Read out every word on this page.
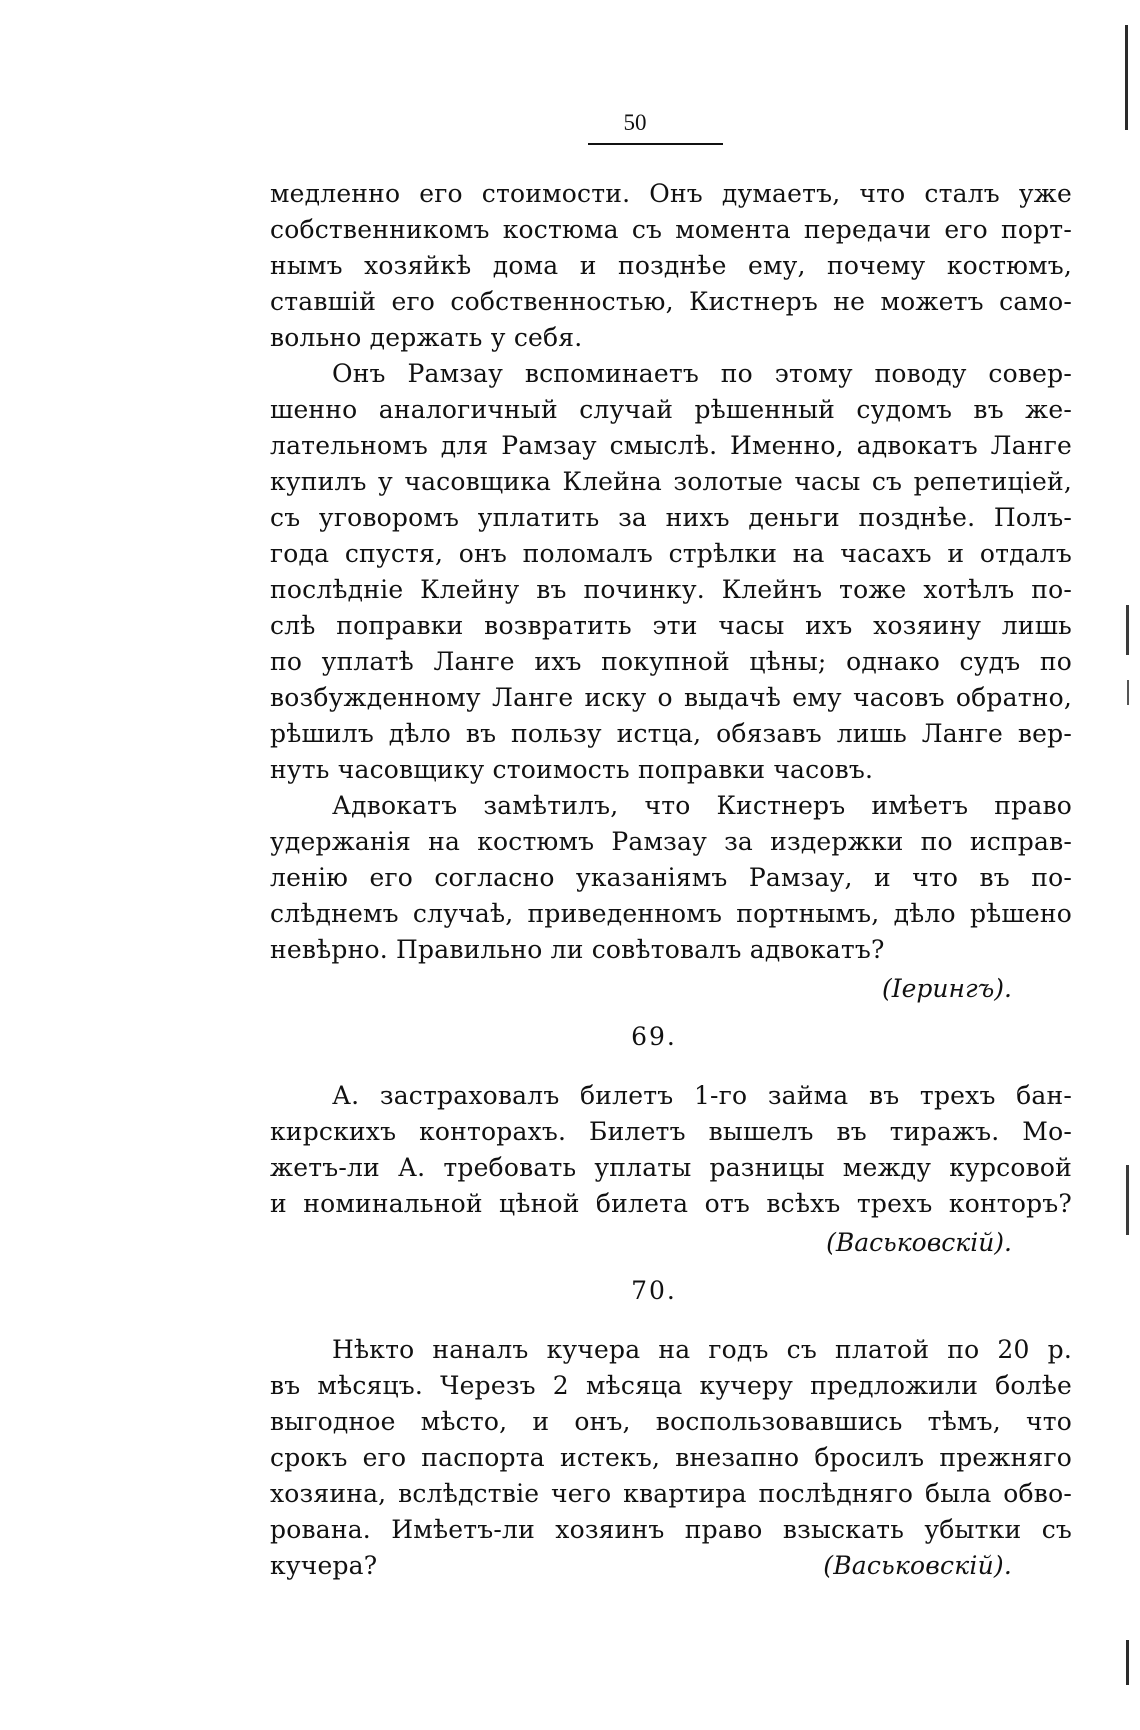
50
медленно его стоимости. Онъ думаетъ, что сталъ уже
собственникомъ костюма съ момента передачи его порт-
нымъ хозяйкѣ дома и позднѣе ему, почему костюмъ,
ставшій его собственностью, Кистнеръ не можетъ само-
вольно держать у себя.
Онъ Рамзау вспоминаетъ по этому поводу совер-
шенно аналогичный случай рѣшенный судомъ въ же-
лательномъ для Рамзау смыслѣ. Именно, адвокатъ Ланге
купилъ у часовщика Клейна золотые часы съ репетиціей,
съ уговоромъ уплатить за нихъ деньги позднѣе. Полъ-
года спустя, онъ поломалъ стрѣлки на часахъ и отдалъ
послѣдніе Клейну въ починку. Клейнъ тоже хотѣлъ по-
слѣ поправки возвратить эти часы ихъ хозяину лишь
по уплатѣ Ланге ихъ покупной цѣны; однако судъ по
возбужденному Ланге иску о выдачѣ ему часовъ обратно,
рѣшилъ дѣло въ пользу истца, обязавъ лишь Ланге вер-
нуть часовщику стоимость поправки часовъ.
Адвокатъ замѣтилъ, что Кистнеръ имѣетъ право
удержанія на костюмъ Рамзау за издержки по исправ-
ленію его согласно указаніямъ Рамзау, и что въ по-
слѣднемъ случаѣ, приведенномъ портнымъ, дѣло рѣшено
невѣрно. Правильно ли совѣтовалъ адвокатъ?
(Іерингъ).
69.
А. застраховалъ билетъ 1-го займа въ трехъ бан-
кирскихъ конторахъ. Билетъ вышелъ въ тиражъ. Мо-
жетъ-ли А. требовать уплаты разницы между курсовой
и номинальной цѣной билета отъ всѣхъ трехъ конторъ?
(Васьковскій).
70.
Нѣкто наналъ кучера на годъ съ платой по 20 р.
въ мѣсяцъ. Черезъ 2 мѣсяца кучеру предложили болѣе
выгодное мѣсто, и онъ, воспользовавшись тѣмъ, что
срокъ его паспорта истекъ, внезапно бросилъ прежняго
хозяина, вслѣдствіе чего квартира послѣдняго была обво-
рована. Имѣетъ-ли хозяинъ право взыскать убытки съ
кучера?	(Васьковскій).
